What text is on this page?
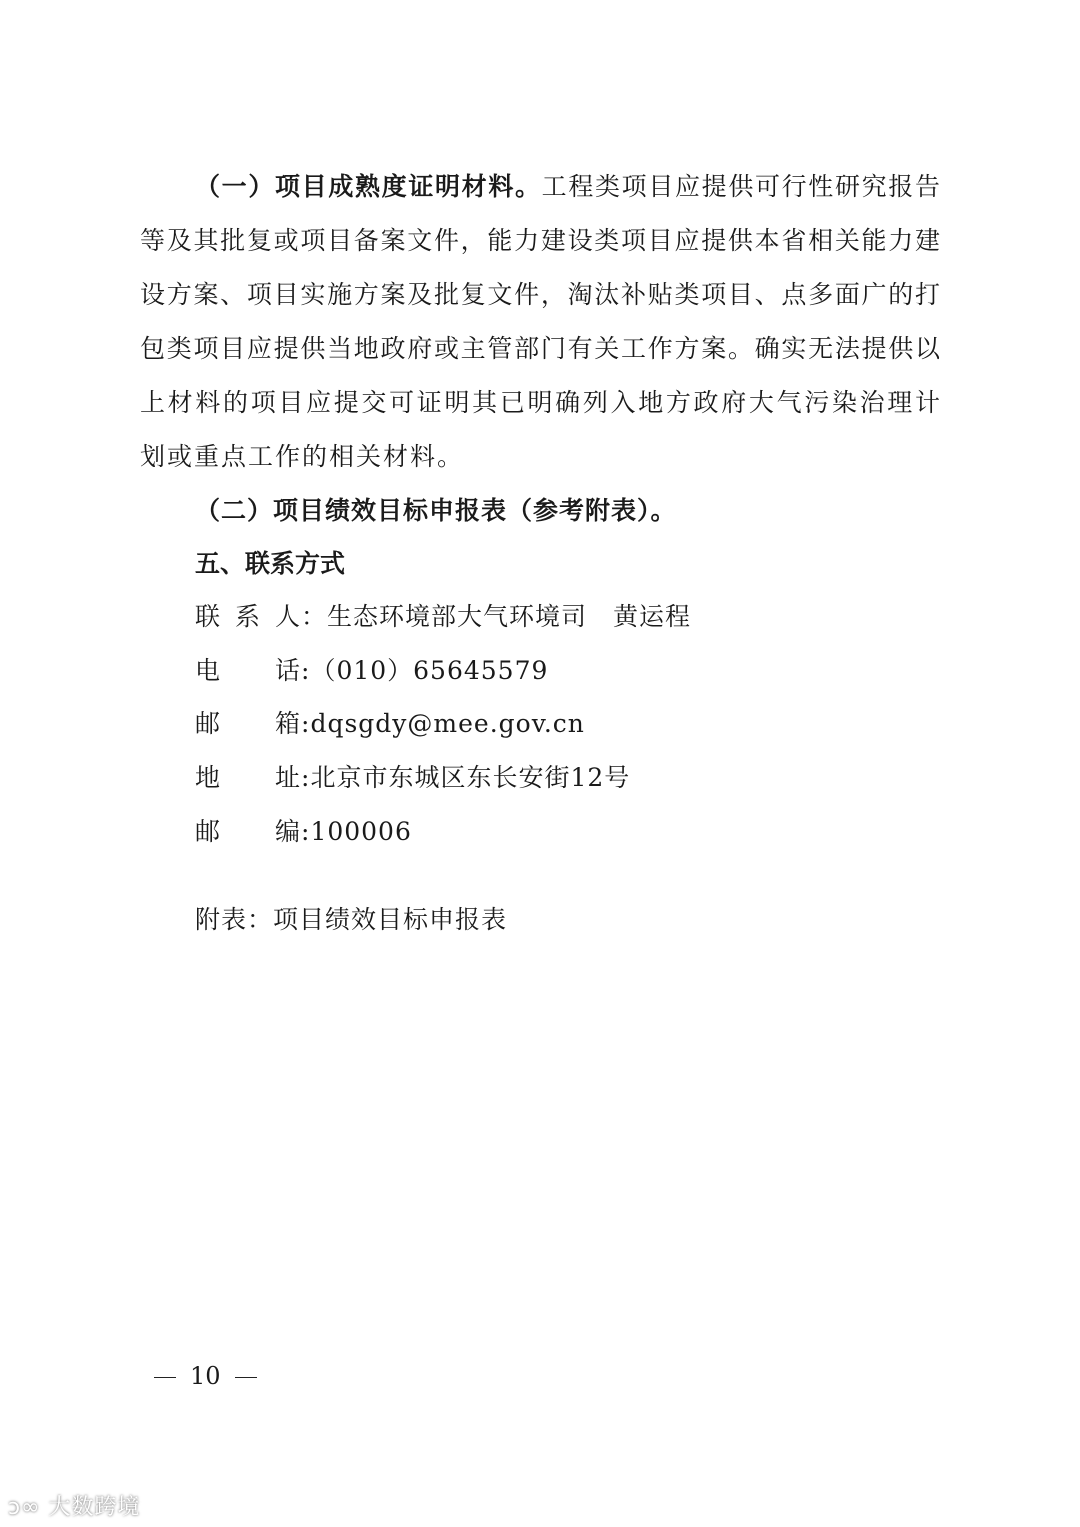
（一）项目成熟度证明材料。工程类项目应提供可行性研究报告
等及其批复或项目备案文件，能力建设类项目应提供本省相关能力建
设方案、项目实施方案及批复文件，淘汰补贴类项目、点多面广的打
包类项目应提供当地政府或主管部门有关工作方案。确实无法提供以
上材料的项目应提交可证明其已明确列入地方政府大气污染治理计
划或重点工作的相关材料。
（二）项目绩效目标申报表（参考附表）。
五、联系方式
联系人：生态环境部大气环境司　黄运程
电话:（010）65645579
邮箱:dqsgdy@mee.gov.cn
地址:北京市东城区东长安街12号
邮编:100006
附表：项目绩效目标申报表
10
ↄ∞ 大数跨境
